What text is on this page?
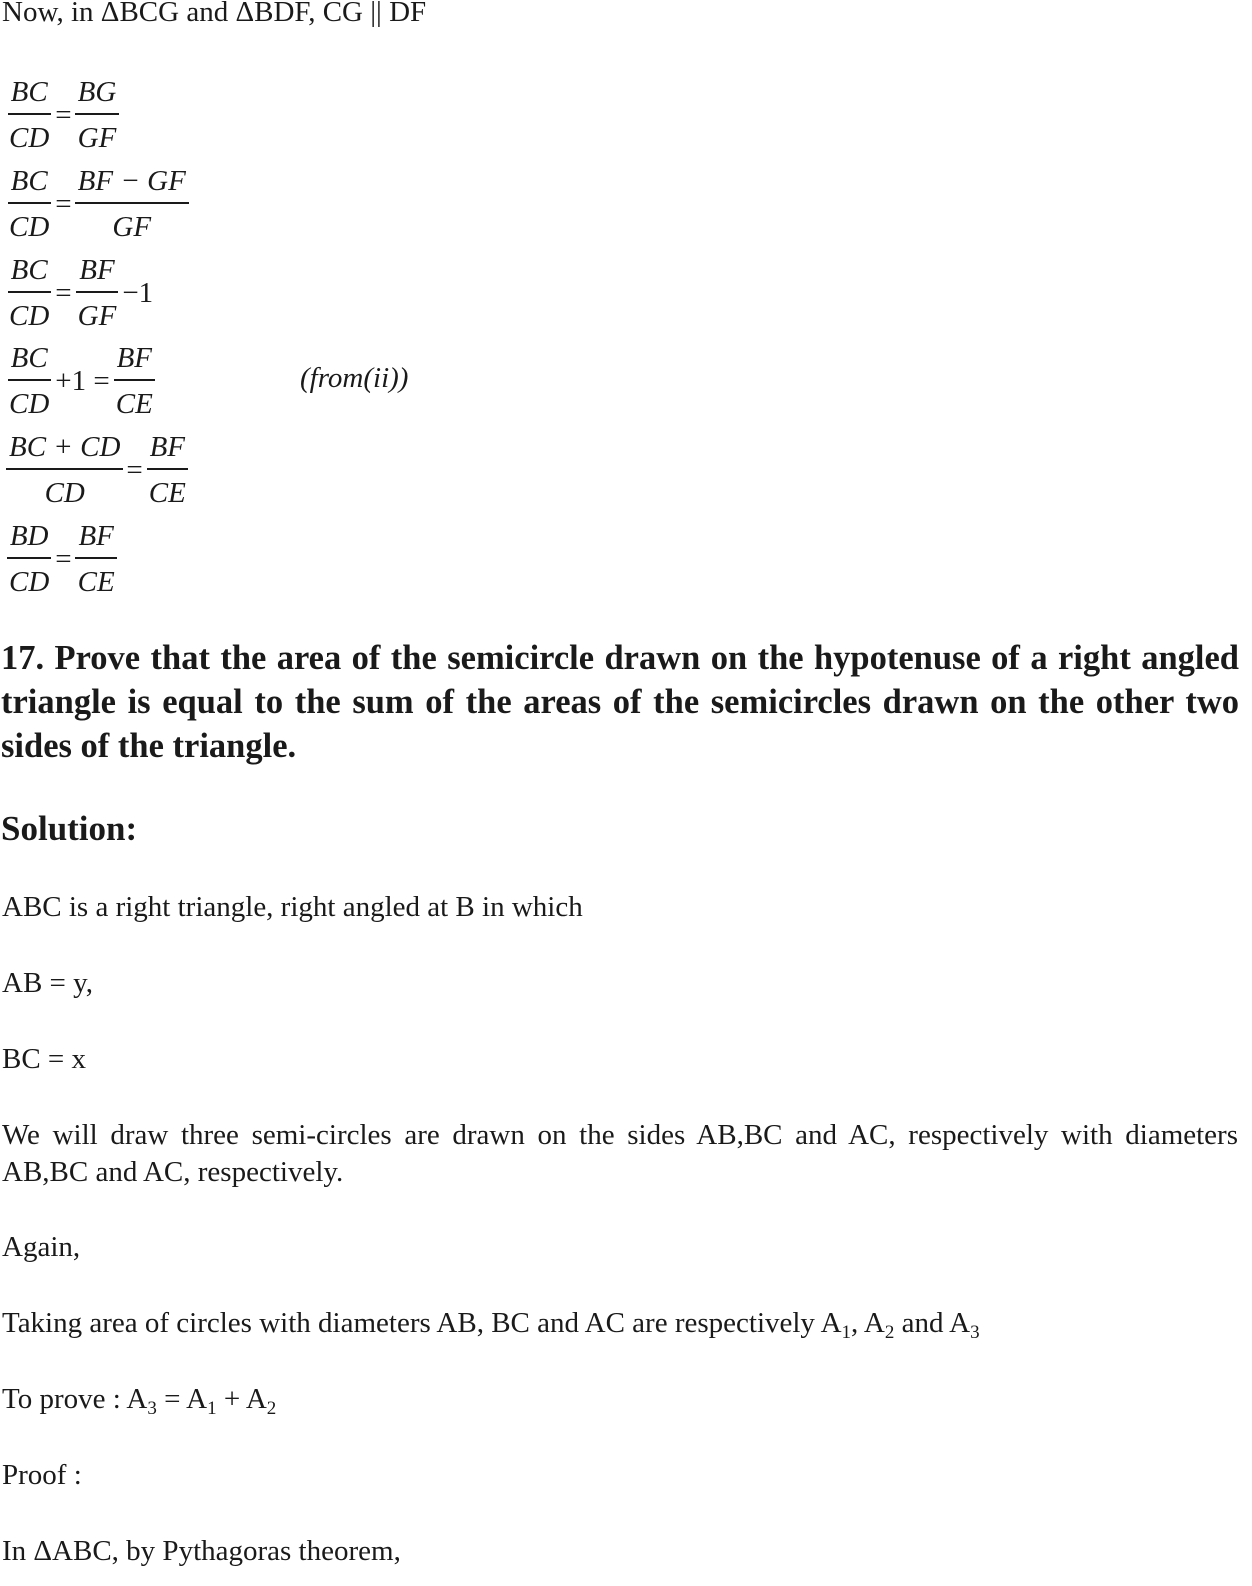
Now, in ΔBCG and ΔBDF, CG || DF
$\frac{BC}{CD} = \frac{BG}{GF}$
$\frac{BC}{CD} = \frac{BF - GF}{GF}$
$\frac{BC}{CD} = \frac{BF}{GF} -1$
$\frac{BC}{CD} +1 = \frac{BF}{CE}$	(from(ii))
$\frac{BC + CD}{CD} = \frac{BF}{CE}$
$\frac{BD}{CD} = \frac{BF}{CE}$
17. Prove that the area of the semicircle drawn on the hypotenuse of a right angled triangle is equal to the sum of the areas of the semicircles drawn on the other two sides of the triangle.
Solution:
ABC is a right triangle, right angled at B in which
AB = y,
BC = x
We will draw three semi-circles are drawn on the sides AB,BC and AC, respectively with diameters AB,BC and AC, respectively.
Again,
Taking area of circles with diameters AB, BC and AC are respectively $A_1$, $A_2$ and $A_3$
To prove : $A_3 = A_1 + A_2$
Proof :
In ΔABC, by Pythagoras theorem,
